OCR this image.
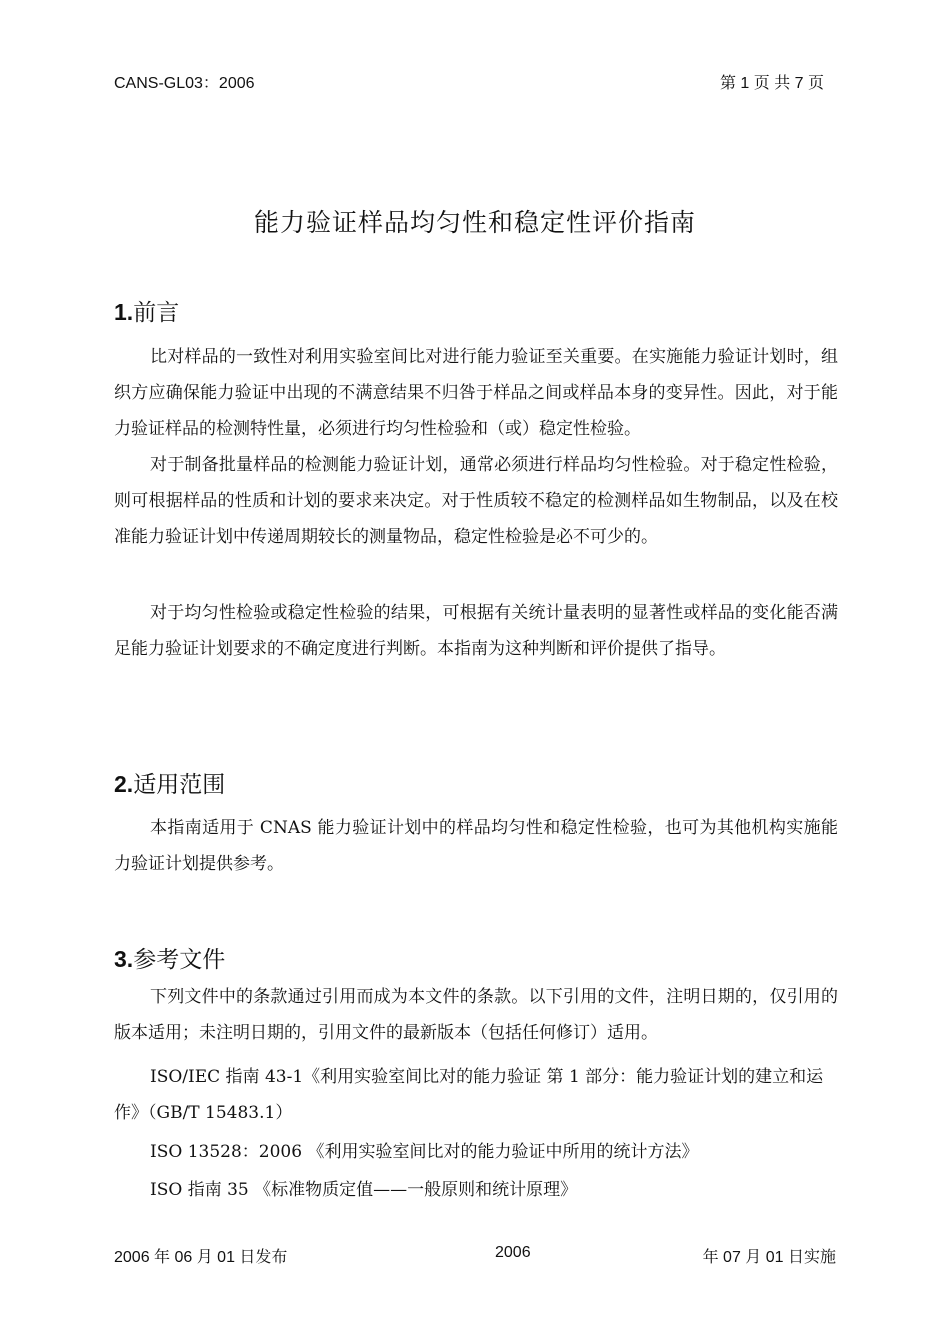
CANS-GL03：2006	第 1 页 共 7 页
能力验证样品均匀性和稳定性评价指南
1.前言

比对样品的一致性对利用实验室间比对进行能力验证至关重要。在实施能力验证计划时，组织方应确保能力验证中出现的不满意结果不归咎于样品之间或样品本身的变异性。因此，对于能力验证样品的检测特性量，必须进行均匀性检验和（或）稳定性检验。

对于制备批量样品的检测能力验证计划，通常必须进行样品均匀性检验。对于稳定性检验，则可根据样品的性质和计划的要求来决定。对于性质较不稳定的检测样品如生物制品，以及在校准能力验证计划中传递周期较长的测量物品，稳定性检验是必不可少的。

对于均匀性检验或稳定性检验的结果，可根据有关统计量表明的显著性或样品的变化能否满足能力验证计划要求的不确定度进行判断。本指南为这种判断和评价提供了指导。

2.适用范围

本指南适用于 CNAS 能力验证计划中的样品均匀性和稳定性检验，也可为其他机构实施能力验证计划提供参考。

3.参考文件

下列文件中的条款通过引用而成为本文件的条款。以下引用的文件，注明日期的，仅引用的版本适用；未注明日期的，引用文件的最新版本（包括任何修订）适用。

ISO/IEC 指南 43-1《利用实验室间比对的能力验证 第 1 部分：能力验证计划的建立和运作》（GB/T 15483.1）

ISO 13528：2006 《利用实验室间比对的能力验证中所用的统计方法》

ISO 指南 35 《标准物质定值——一般原则和统计原理》

2006 年 06 月 01 日发布	2006	年 07 月 01 日实施
